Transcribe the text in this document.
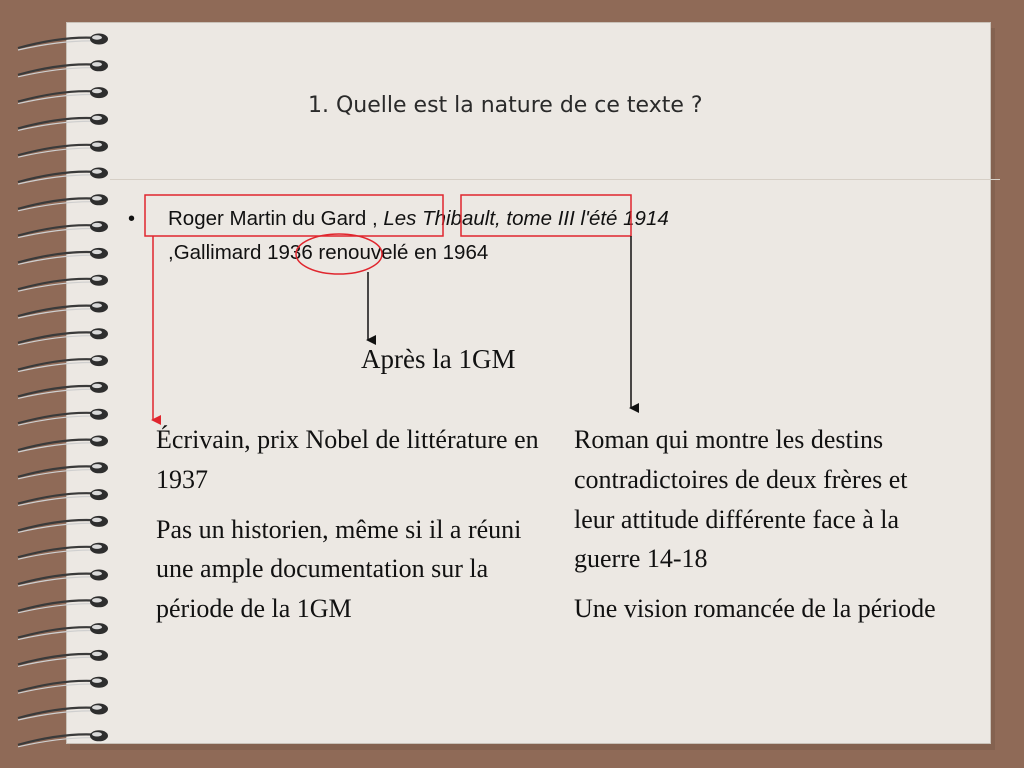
1. Quelle est la nature de ce texte ?
• Roger Martin du Gard , Les Thibault, tome III l'été 1914
,Gallimard 1936 renouvelé en 1964
Après la 1GM

Écrivain, prix Nobel de littérature en 1937

Pas un historien, même si il a réuni une ample documentation sur la période de la 1GM

Roman qui montre les destins contradictoires de deux frères et leur attitude différente face à la guerre 14-18

Une vision romancée de la période
